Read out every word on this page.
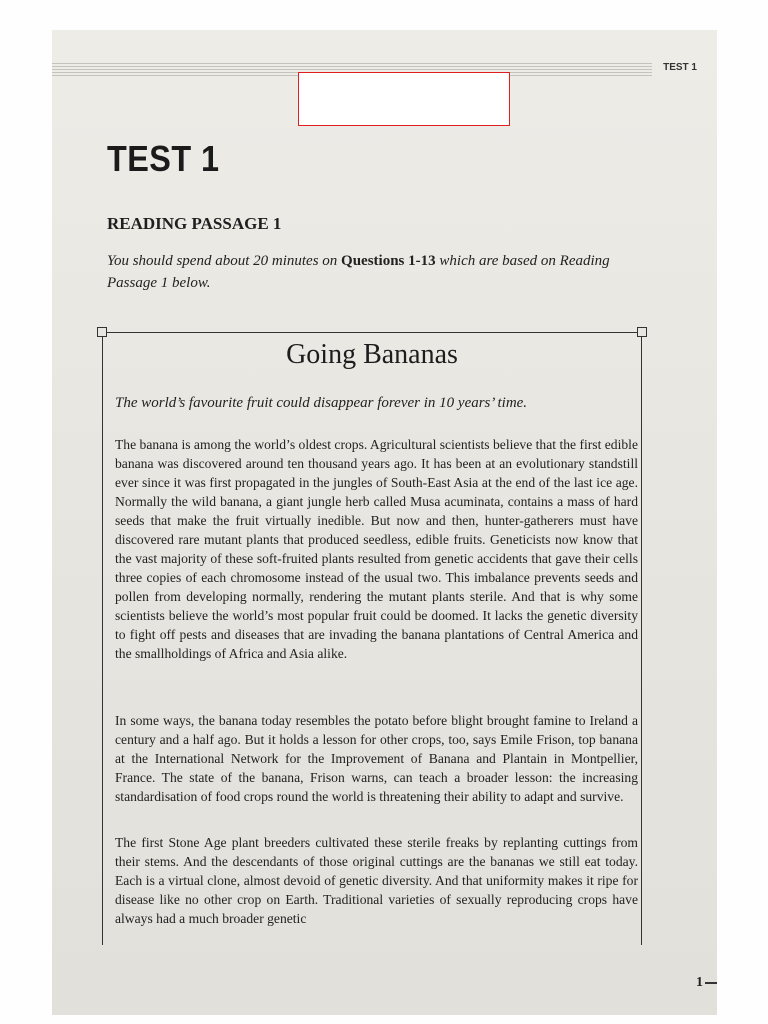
TEST 1
TEST 1
READING PASSAGE 1
You should spend about 20 minutes on Questions 1-13 which are based on Reading Passage 1 below.
Going Bananas
The world’s favourite fruit could disappear forever in 10 years’ time.
The banana is among the world’s oldest crops. Agricultural scientists believe that the first edible banana was discovered around ten thousand years ago. It has been at an evolutionary standstill ever since it was first propagated in the jungles of South-East Asia at the end of the last ice age. Normally the wild banana, a giant jungle herb called Musa acuminata, contains a mass of hard seeds that make the fruit virtually inedible. But now and then, hunter-gatherers must have discovered rare mutant plants that produced seedless, edible fruits. Geneticists now know that the vast majority of these soft-fruited plants resulted from genetic accidents that gave their cells three copies of each chromosome instead of the usual two. This imbalance prevents seeds and pollen from developing normally, rendering the mutant plants sterile. And that is why some scientists believe the world’s most popular fruit could be doomed. It lacks the genetic diversity to fight off pests and diseases that are invading the banana plantations of Central America and the smallholdings of Africa and Asia alike.
In some ways, the banana today resembles the potato before blight brought famine to Ireland a century and a half ago. But it holds a lesson for other crops, too, says Emile Frison, top banana at the International Network for the Improvement of Banana and Plantain in Montpellier, France. The state of the banana, Frison warns, can teach a broader lesson: the increasing standardisation of food crops round the world is threatening their ability to adapt and survive.
The first Stone Age plant breeders cultivated these sterile freaks by replanting cuttings from their stems. And the descendants of those original cuttings are the bananas we still eat today. Each is a virtual clone, almost devoid of genetic diversity. And that uniformity makes it ripe for disease like no other crop on Earth. Traditional varieties of sexually reproducing crops have always had a much broader genetic
1
